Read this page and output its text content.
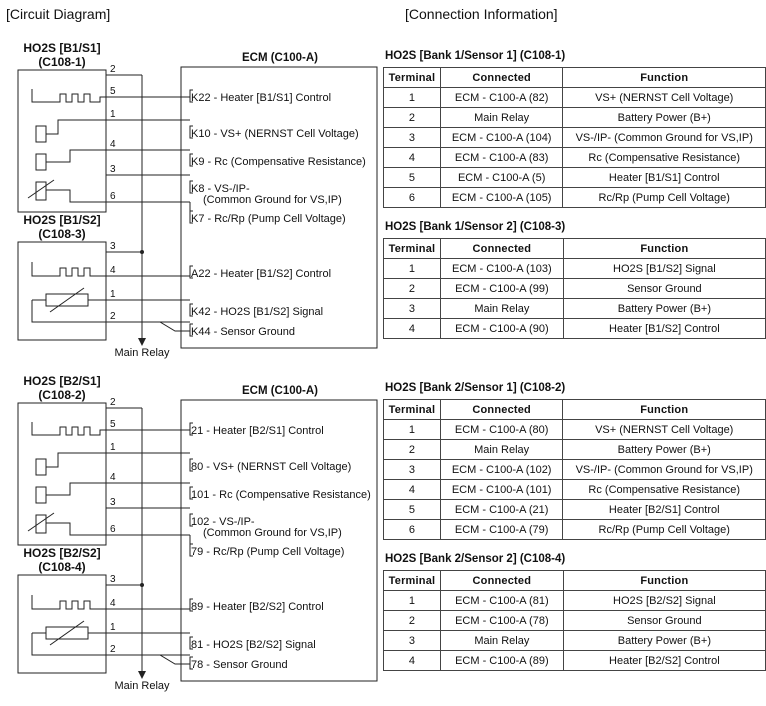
[Circuit Diagram]	[Connection Information]
HO2S [B1/S1]
(C108-1)
HO2S [B1/S2]
(C108-3)
ECM (C100-A)
Main Relay
2
5
1
4
3
6
3
4
1
2
K22 - Heater [B1/S1] Control
K10 - VS+ (NERNST Cell Voltage)
K9 - Rc (Compensative Resistance)
K8 - VS-/IP-
K7 - Rc/Rp (Pump Cell Voltage)
A22 - Heater [B1/S2] Control
K42 - HO2S [B1/S2] Signal
K44 - Sensor Ground
(Common Ground for VS,IP)
HO2S [B2/S1]
(C108-2)
HO2S [B2/S2]
(C108-4)
ECM (C100-A)
Main Relay
2
5
1
4
3
6
3
4
1
2
21 - Heater [B2/S1] Control
80 - VS+ (NERNST Cell Voltage)
101 - Rc (Compensative Resistance)
102 - VS-/IP-
79 - Rc/Rp (Pump Cell Voltage)
89 - Heater [B2/S2] Control
81 - HO2S [B2/S2] Signal
78 - Sensor Ground
(Common Ground for VS,IP)
HO2S [Bank 1/Sensor 1] (C108-1)
Terminal	Connected	Function
1	ECM - C100-A (82)	VS+ (NERNST Cell Voltage)
2	Main Relay	Battery Power (B+)
3	ECM - C100-A (104)	VS-/IP- (Common Ground for VS,IP)
4	ECM - C100-A (83)	Rc (Compensative Resistance)
5	ECM - C100-A (5)	Heater [B1/S1] Control
6	ECM - C100-A (105)	Rc/Rp (Pump Cell Voltage)
HO2S [Bank 1/Sensor 2] (C108-3)
Terminal	Connected	Function
1	ECM - C100-A (103)	HO2S [B1/S2] Signal
2	ECM - C100-A (99)	Sensor Ground
3	Main Relay	Battery Power (B+)
4	ECM - C100-A (90)	Heater [B1/S2] Control
HO2S [Bank 2/Sensor 1] (C108-2)
Terminal	Connected	Function
1	ECM - C100-A (80)	VS+ (NERNST Cell Voltage)
2	Main Relay	Battery Power (B+)
3	ECM - C100-A (102)	VS-/IP- (Common Ground for VS,IP)
4	ECM - C100-A (101)	Rc (Compensative Resistance)
5	ECM - C100-A (21)	Heater [B2/S1] Control
6	ECM - C100-A (79)	Rc/Rp (Pump Cell Voltage)
HO2S [Bank 2/Sensor 2] (C108-4)
Terminal	Connected	Function
1	ECM - C100-A (81)	HO2S [B2/S2] Signal
2	ECM - C100-A (78)	Sensor Ground
3	Main Relay	Battery Power (B+)
4	ECM - C100-A (89)	Heater [B2/S2] Control
